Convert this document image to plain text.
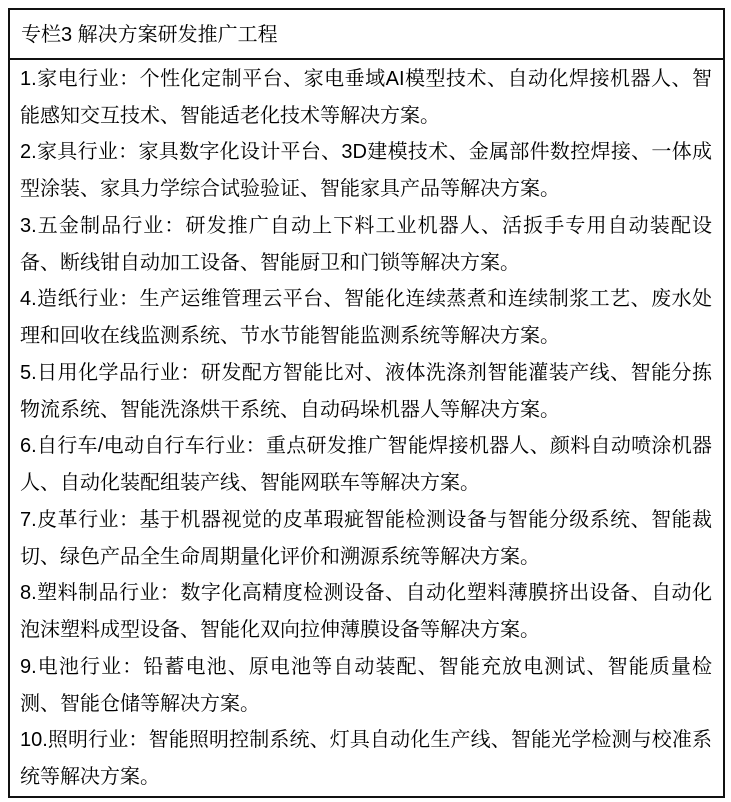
专栏3 解决方案研发推广工程

1.家电行业：个性化定制平台、家电垂域AI模型技术、自动化焊接机器人、智能感知交互技术、智能适老化技术等解决方案。

2.家具行业：家具数字化设计平台、3D建模技术、金属部件数控焊接、一体成型涂装、家具力学综合试验验证、智能家具产品等解决方案。

3.五金制品行业：研发推广自动上下料工业机器人、活扳手专用自动装配设备、断线钳自动加工设备、智能厨卫和门锁等解决方案。

4.造纸行业：生产运维管理云平台、智能化连续蒸煮和连续制浆工艺、废水处理和回收在线监测系统、节水节能智能监测系统等解决方案。

5.日用化学品行业：研发配方智能比对、液体洗涤剂智能灌装产线、智能分拣物流系统、智能洗涤烘干系统、自动码垛机器人等解决方案。

6.自行车/电动自行车行业：重点研发推广智能焊接机器人、颜料自动喷涂机器人、自动化装配组装产线、智能网联车等解决方案。

7.皮革行业：基于机器视觉的皮革瑕疵智能检测设备与智能分级系统、智能裁切、绿色产品全生命周期量化评价和溯源系统等解决方案。

8.塑料制品行业：数字化高精度检测设备、自动化塑料薄膜挤出设备、自动化泡沫塑料成型设备、智能化双向拉伸薄膜设备等解决方案。

9.电池行业：铅蓄电池、原电池等自动装配、智能充放电测试、智能质量检测、智能仓储等解决方案。

10.照明行业：智能照明控制系统、灯具自动化生产线、智能光学检测与校准系统等解决方案。
